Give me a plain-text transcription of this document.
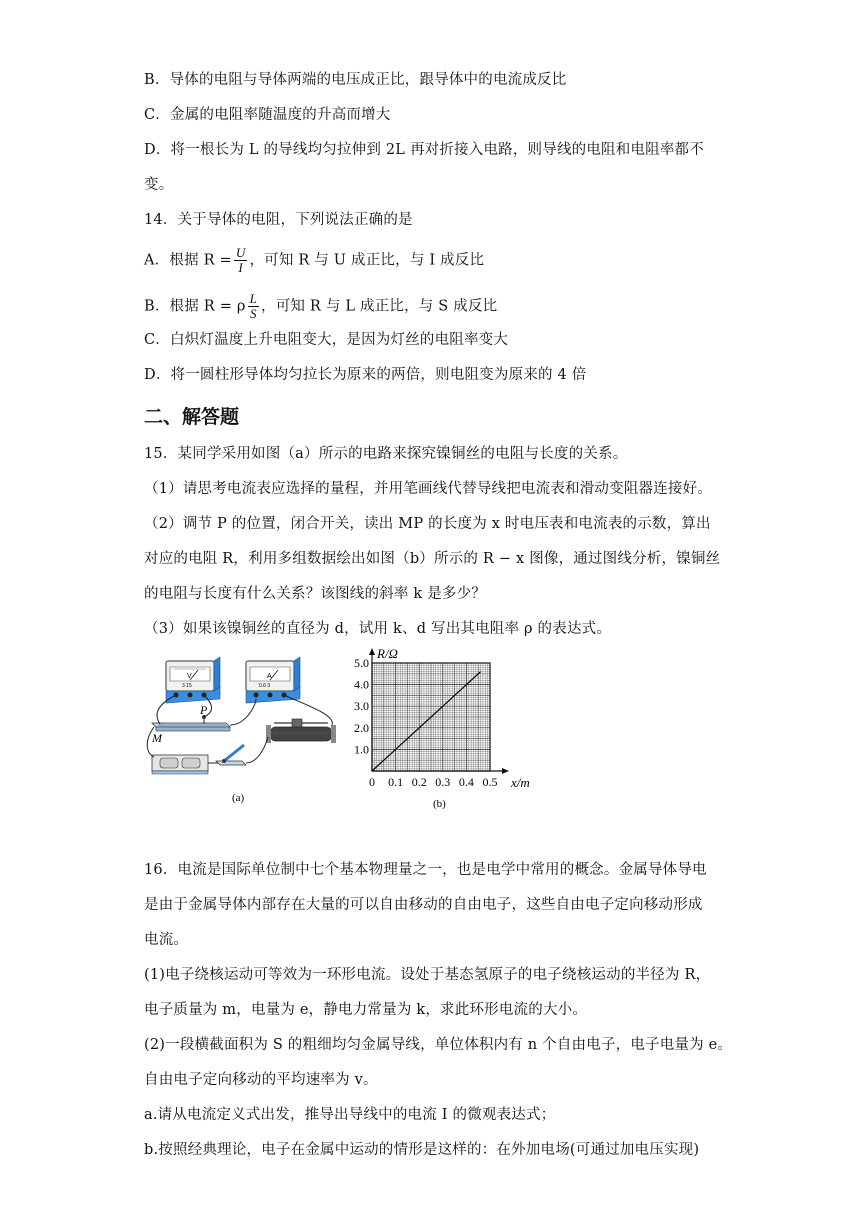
B．导体的电阻与导体两端的电压成正比，跟导体中的电流成反比
C．金属的电阻率随温度的升高而增大
D．将一根长为 L 的导线均匀拉伸到 2L 再对折接入电路，则导线的电阻和电阻率都不
变。
14．关于导体的电阻，下列说法正确的是
A．根据 $R = \frac{U}{I}$ ，可知 R 与 U 成正比，与 I 成反比
B．根据 R = ρ $\frac{L}{S}$ ，可知 R 与 L 成正比，与 S 成反比
C．白炽灯温度上升电阻变大，是因为灯丝的电阻率变大
D．将一圆柱形导体均匀拉长为原来的两倍，则电阻变为原来的 4 倍
二、解答题
15．某同学采用如图（a）所示的电路来探究镍铜丝的电阻与长度的关系。
（1）请思考电流表应选择的量程，并用笔画线代替导线把电流表和滑动变阻器连接好。
（2）调节 P 的位置，闭合开关，读出 MP 的长度为 x 时电压表和电流表的示数，算出
对应的电阻 R，利用多组数据绘出如图（b）所示的 R − x 图像，通过图线分析，镍铜丝
的电阻与长度有什么关系？该图线的斜率 k 是多少？
（3）如果该镍铜丝的直径为 d，试用 k、d 写出其电阻率 ρ 的表达式。
V
3 15
A
0.6 3
P
M
(a)
1.0
2.0
3.0
4.0
5.0
0 0.1 0.2 0.3 0.4 0.5
R/Ω
x/m
(b)
16．电流是国际单位制中七个基本物理量之一，也是电学中常用的概念。金属导体导电
是由于金属导体内部存在大量的可以自由移动的自由电子，这些自由电子定向移动形成
电流。
(1)电子绕核运动可等效为一环形电流。设处于基态氢原子的电子绕核运动的半径为 R，
电子质量为 m，电量为 e，静电力常量为 k，求此环形电流的大小。
(2)一段横截面积为 S 的粗细均匀金属导线，单位体积内有 n 个自由电子，电子电量为 e。
自由电子定向移动的平均速率为 v。
a.请从电流定义式出发，推导出导线中的电流 I 的微观表达式；
b.按照经典理论，电子在金属中运动的情形是这样的：在外加电场(可通过加电压实现)
